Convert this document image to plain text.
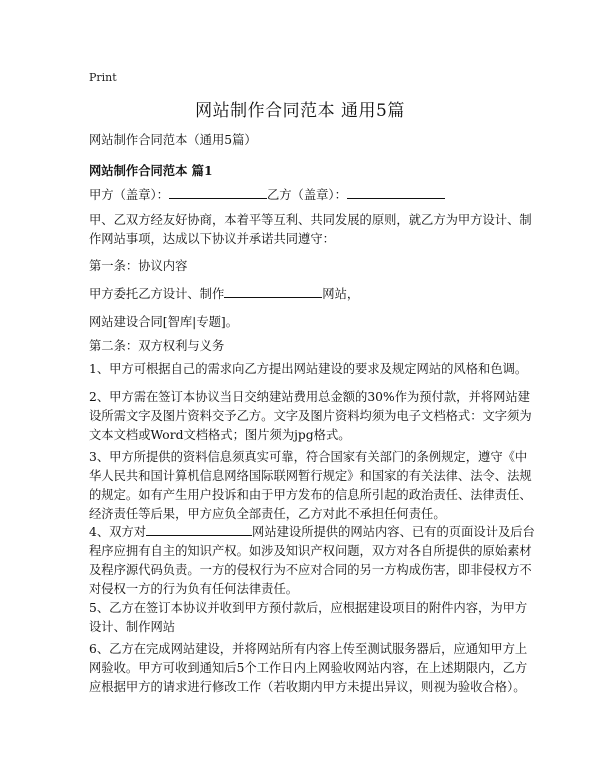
Print
网站制作合同范本 通用5篇
网站制作合同范本（通用5篇）
网站制作合同范本 篇1
甲方（盖章）：	乙方（盖章）：
甲、乙双方经友好协商，本着平等互利、共同发展的原则，就乙方为甲方设计、制
作网站事项，达成以下协议并承诺共同遵守：
第一条：协议内容
甲方委托乙方设计、制作	网站，
网站建设合同[智库|专题]。
第二条：双方权利与义务
1、甲方可根据自己的需求向乙方提出网站建设的要求及规定网站的风格和色调。
2、甲方需在签订本协议当日交纳建站费用总金额的30%作为预付款，并将网站建
设所需文字及图片资料交予乙方。文字及图片资料均须为电子文档格式：文字须为
文本文档或Word文档格式；图片须为jpg格式。
3、甲方所提供的资料信息须真实可靠，符合国家有关部门的条例规定，遵守《中
华人民共和国计算机信息网络国际联网暂行规定》和国家的有关法律、法令、法规
的规定。如有产生用户投诉和由于甲方发布的信息所引起的政治责任、法律责任、
经济责任等后果，甲方应负全部责任，乙方对此不承担任何责任。
4、双方对	网站建设所提供的网站内容、已有的页面设计及后台
程序应拥有自主的知识产权。如涉及知识产权问题，双方对各自所提供的原始素材
及程序源代码负责。一方的侵权行为不应对合同的另一方构成伤害，即非侵权方不
对侵权一方的行为负有任何法律责任。
5、乙方在签订本协议并收到甲方预付款后，应根据建设项目的附件内容，为甲方
设计、制作网站
6、乙方在完成网站建设，并将网站所有内容上传至测试服务器后，应通知甲方上
网验收。甲方可收到通知后5个工作日内上网验收网站内容，在上述期限内，乙方
应根据甲方的请求进行修改工作（若收期内甲方未提出异议，则视为验收合格）。
